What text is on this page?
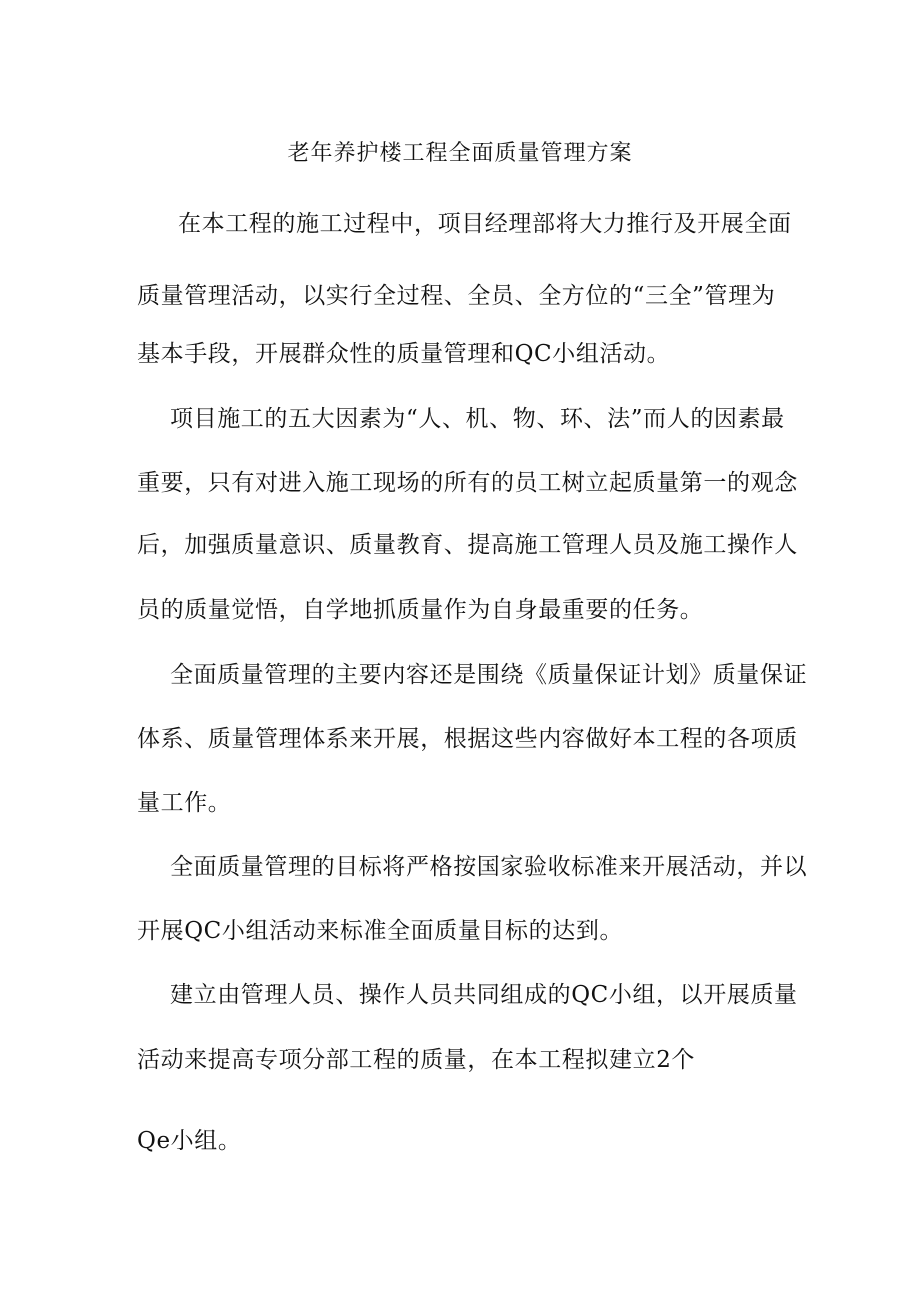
老年养护楼工程全面质量管理方案
在本工程的施工过程中，项目经理部将大力推行及开展全面
质量管理活动，以实行全过程、全员、全方位的“三全”管理为
基本手段，开展群众性的质量管理和QC小组活动。
项目施工的五大因素为“人、机、物、环、法”而人的因素最
重要，只有对进入施工现场的所有的员工树立起质量第一的观念
后，加强质量意识、质量教育、提高施工管理人员及施工操作人
员的质量觉悟，自学地抓质量作为自身最重要的任务。
全面质量管理的主要内容还是围绕《质量保证计划》质量保证
体系、质量管理体系来开展，根据这些内容做好本工程的各项质
量工作。
全面质量管理的目标将严格按国家验收标准来开展活动，并以
开展QC小组活动来标准全面质量目标的达到。
建立由管理人员、操作人员共同组成的QC小组，以开展质量
活动来提高专项分部工程的质量，在本工程拟建立2个
Qe小组。
